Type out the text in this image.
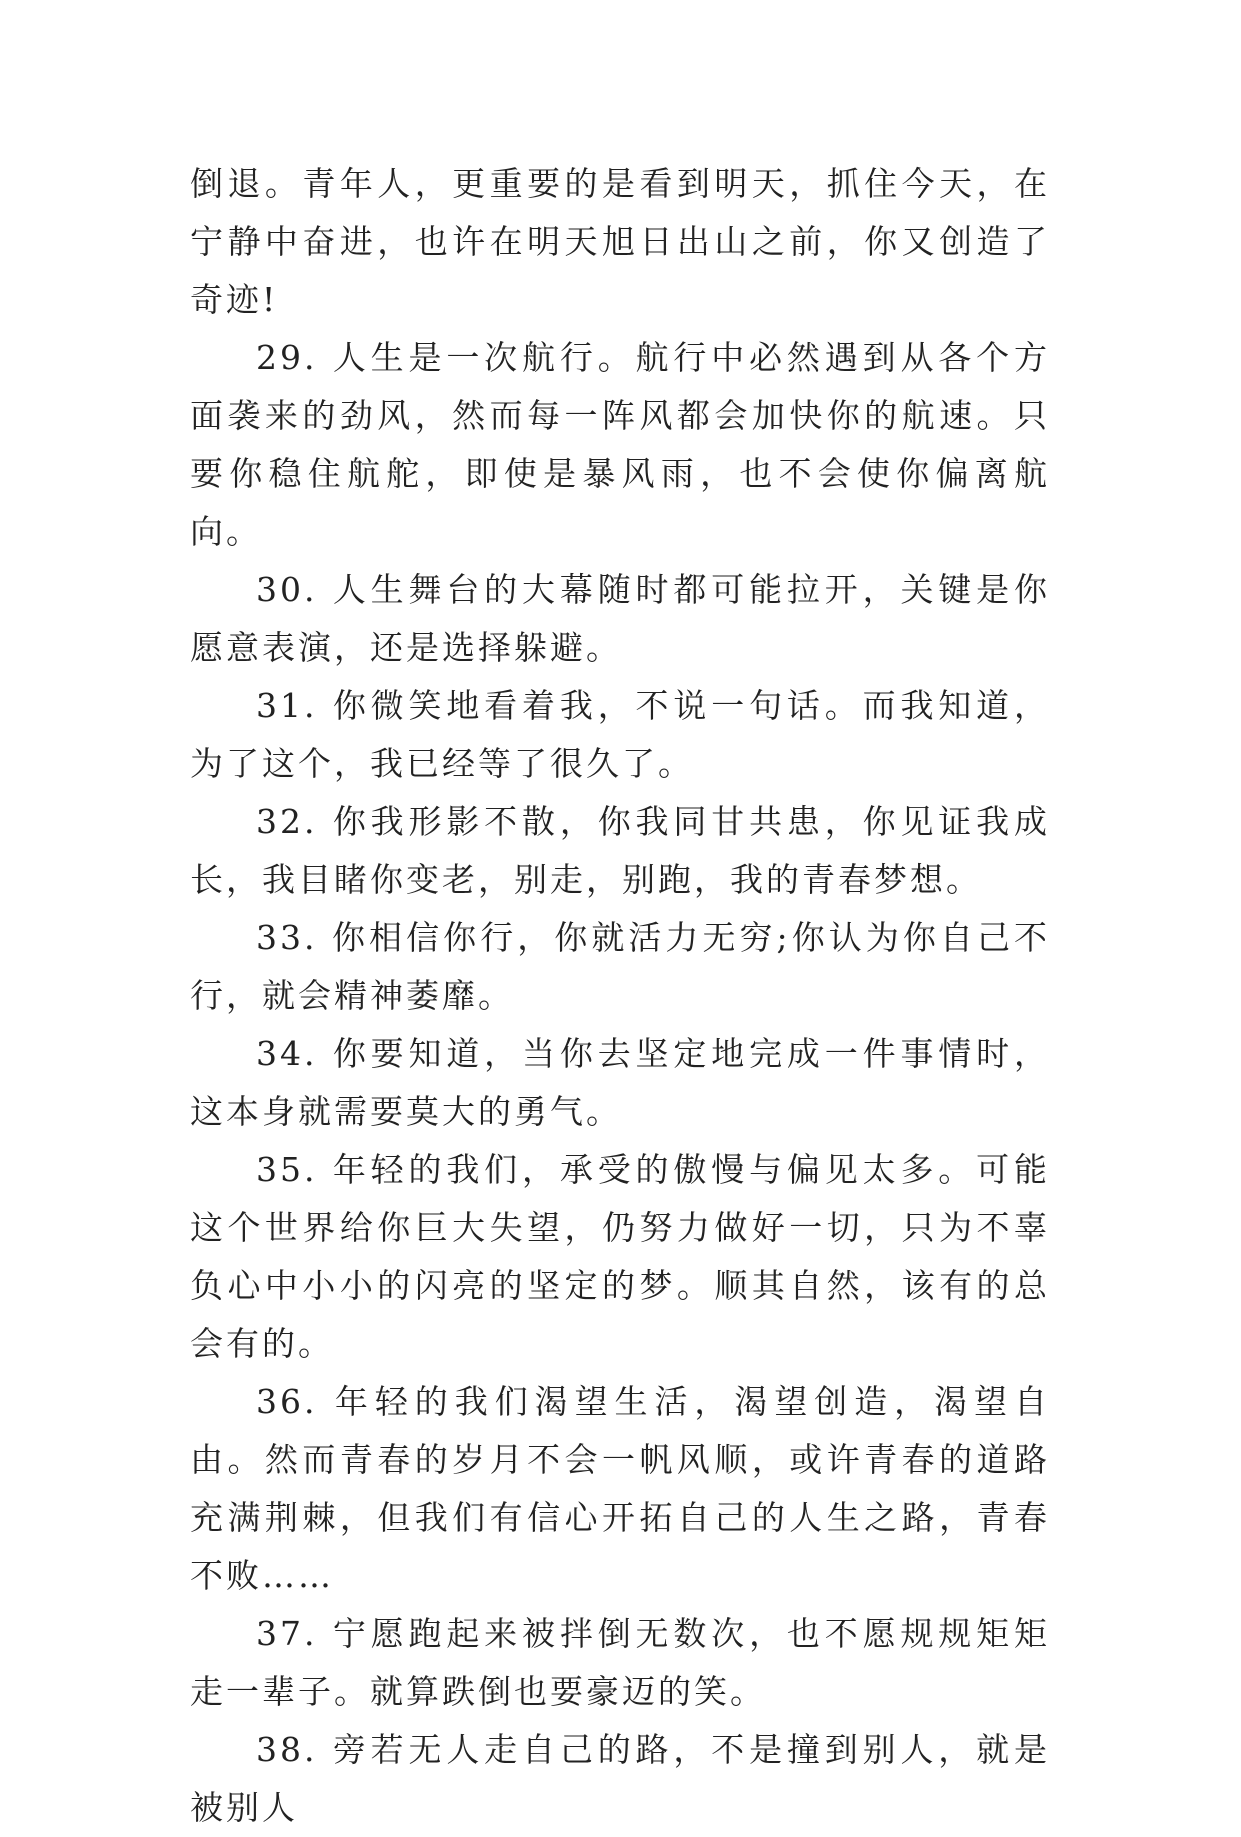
倒退。青年人，更重要的是看到明天，抓住今天，在宁静中奋进，也许在明天旭日出山之前，你又创造了奇迹!

29. 人生是一次航行。航行中必然遇到从各个方面袭来的劲风，然而每一阵风都会加快你的航速。只要你稳住航舵，即使是暴风雨，也不会使你偏离航向。

30. 人生舞台的大幕随时都可能拉开，关键是你愿意表演，还是选择躲避。

31. 你微笑地看着我，不说一句话。而我知道，为了这个，我已经等了很久了。

32. 你我形影不散，你我同甘共患，你见证我成长，我目睹你变老，别走，别跑，我的青春梦想。

33. 你相信你行，你就活力无穷;你认为你自己不行，就会精神萎靡。

34. 你要知道，当你去坚定地完成一件事情时，这本身就需要莫大的勇气。

35. 年轻的我们，承受的傲慢与偏见太多。可能这个世界给你巨大失望，仍努力做好一切，只为不辜负心中小小的闪亮的坚定的梦。顺其自然，该有的总会有的。

36. 年轻的我们渴望生活，渴望创造，渴望自由。然而青春的岁月不会一帆风顺，或许青春的道路充满荆棘，但我们有信心开拓自己的人生之路，青春不败……

37. 宁愿跑起来被拌倒无数次，也不愿规规矩矩走一辈子。就算跌倒也要豪迈的笑。

38. 旁若无人走自己的路，不是撞到别人，就是被别人
